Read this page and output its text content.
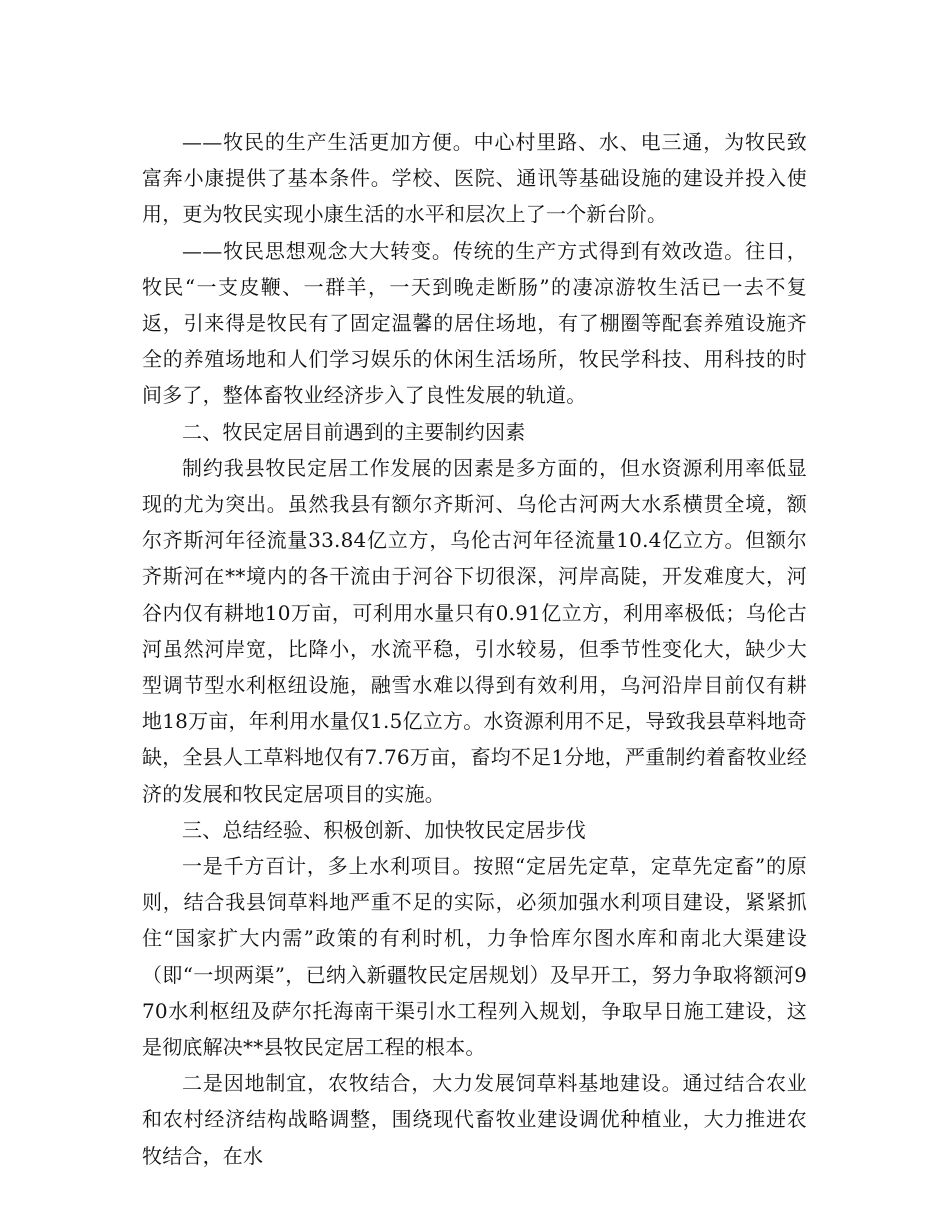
——牧民的生产生活更加方便。中心村里路、水、电三通，为牧民致富奔小康提供了基本条件。学校、医院、通讯等基础设施的建设并投入使用，更为牧民实现小康生活的水平和层次上了一个新台阶。

——牧民思想观念大大转变。传统的生产方式得到有效改造。往日，牧民“一支皮鞭、一群羊，一天到晚走断肠”的凄凉游牧生活已一去不复返，引来得是牧民有了固定温馨的居住场地，有了棚圈等配套养殖设施齐全的养殖场地和人们学习娱乐的休闲生活场所，牧民学科技、用科技的时间多了，整体畜牧业经济步入了良性发展的轨道。

二、牧民定居目前遇到的主要制约因素

制约我县牧民定居工作发展的因素是多方面的，但水资源利用率低显现的尤为突出。虽然我县有额尔齐斯河、乌伦古河两大水系横贯全境，额尔齐斯河年径流量33.84亿立方，乌伦古河年径流量10.4亿立方。但额尔齐斯河在**境内的各干流由于河谷下切很深，河岸高陡，开发难度大，河谷内仅有耕地10万亩，可利用水量只有0.91亿立方，利用率极低；乌伦古河虽然河岸宽，比降小，水流平稳，引水较易，但季节性变化大，缺少大型调节型水利枢纽设施，融雪水难以得到有效利用，乌河沿岸目前仅有耕地18万亩，年利用水量仅1.5亿立方。水资源利用不足，导致我县草料地奇缺，全县人工草料地仅有7.76万亩，畜均不足1分地，严重制约着畜牧业经济的发展和牧民定居项目的实施。

三、总结经验、积极创新、加快牧民定居步伐

一是千方百计，多上水利项目。按照“定居先定草，定草先定畜”的原则，结合我县饲草料地严重不足的实际，必须加强水利项目建设，紧紧抓住“国家扩大内需”政策的有利时机，力争恰库尔图水库和南北大渠建设（即“一坝两渠”，已纳入新疆牧民定居规划）及早开工，努力争取将额河970水利枢纽及萨尔托海南干渠引水工程列入规划，争取早日施工建设，这是彻底解决**县牧民定居工程的根本。

二是因地制宜，农牧结合，大力发展饲草料基地建设。通过结合农业和农村经济结构战略调整，围绕现代畜牧业建设调优种植业，大力推进农牧结合，在水
